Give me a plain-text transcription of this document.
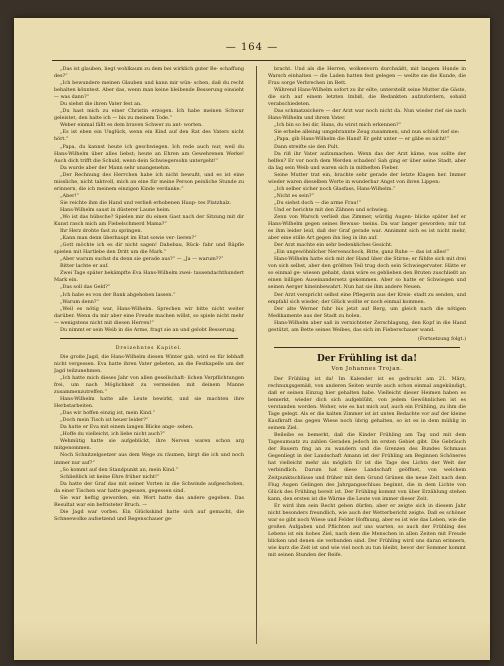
— 164 —

„Das ist glauben, liegt wohlkaum zu dem bei wirklich guter Be- schaffung des?“

„Ich bewundere meinen Glauben und kann mir wün- schen, daß du recht behalten könntest. Aber das, wenn man keine bleibende Besserung einsieht — was dann?“

Du siehst die ihren Vater fest an.

„Du hast mich zu einer Christin erzogen. Ich habe meinen Schwur geleistet, den halte ich — bis zu meinem Tode.“

Weber einmal fällt es dem braven Schwer zu ant- worten.

„Es ist eben ein Unglück, wenn ein Kind auf den Rat des Vaters nicht hört.“

„Papa, du kannst heute ich geschwiegen. Ich rede auch nur, weil du Hans-Wilhelm über alles liebst; heute an Ehren am Gewehrenen Werke! Auch dich trifft die Schuld, wenn dein Schwiegersohn untergeht!“

Da wurde aber der Mann sehr unangenehm.

„Der Rechnung des Herrchen habe ich nicht bewußt, und es ist eine missliche, nicht taktvoll, mich an eine für meine Person peinliche Stunde zu erinnern, die ich meinem einzigen Kinde verdanke.“

„Aber!“

Sie reichte ihm die Hand und verließ erhobenen Haup- tes Platzhalz.

Hans-Wilhelm saust in düsterer Laune heim.

„Wo ist das hübsche? Spielen mir du einen Gast nach der Sitzung mit dir Kunst rasch mich am Fiebelschmerd Mama?“

Ihr Herz drohte fast zu springen.

„Kann man denn überhaupt im Etat sowie ver- lieren?“

„Gott möchte ich es dir nicht sagen! Dahebau, Rück- fahr und Räpfle spielen mit Hartlebe den Dritt um die Mark.“

„Aber warum suchst du denn sie gerade aus?“ — „Ja — warum??“

Bitter lachte er auf.

Zwei Tage später bekämpfte Eva Hans-Wilhelm zwei- tausendachthundert Mark ein.

„Das soll das Geld?“

„Ich habe es von der Bank abgehoben lassen.“

„Warum denn?“

„Weil es nötig war, Hans-Wilhelm. Sprechen wir bitte nicht weiter darüber. Wenn du mir aber eine Freude machen willst, so spiele nicht mehr — wenigstens nicht mit diesen Herren!“

Du nimmt er sein Weib in die Arme, fragt sie an und gelobt Besserung.

Dreizehntes Kapitel.

Die große Jagd, die Hans-Wilhelm diesen Winter gab, wird es für lebhaft nicht vergessen. Eva hatte ihren Vater gebeten, an die Festkapelle um der Jagd teilzunehmen.

„Ich hatte mich dieses Jahr von allen gesellschaft- lichen Verpflichtungen frei, um nach Möglichkeit zu vermeiden mit deinem Manne zusammenzutreffen.“

Hans-Wilhelm hatte alle Leute bewirkt, und sie machten ihre Herbstarbeiten.

„Das wir hoffen einzig ist, mein Kind.“

„Doch mein Tisch ist heuer leider?“

Da hatte er Eva mit einem langen Blicke ange- sehen.

„Hoffe du vielleicht, ich liebe nicht auch?“

Wehmütig hatte sie aufgeblickt, ihre Nerven waren schon arg mitgenommen.

Noch Schnitzelgsetzer aus dem Wege zu räumen, birgt die ich und noch immer nur auf?“

„So kommt auf den Standpunkt an, mein Kind.“

Schließlich ist keine Ehre früher nicht!“

Da hatte der Graf das mit seiner Vorten in die Schwinde aufgeschoben, da einer Tischen war hatte gegessen, gegessen sind.

Sie war heftig geworden, ein Wort hatte das andere gegeben. Das Resultat war ein befristeter Bruch. —

Die Jagd war vorbei. Ein Glückskind hatte sich auf gemacht, die Schneewolke aufsetzend und Regenschauer ge-

bracht. Und als die Herren, wolkenvorn durchnäßt, mit langem Hunde in Warsch einhalten — die Laden hatten fest gelegen — weilte sie die Kunde, die Frau sorge Verbrechen im Bett.

Während Hans-Wilhelm sofort zu ihr eilte, unterstellt seine Mutter die Gäste, die sich auf einem letzten Imbiß, die Bedankten aufzufordern, sobald verabschiedeten.

Das schmatzsichere — der Arzt war noch nicht da. Nun wieder rief sie nach Hans-Wilhelm und ihrem Vater.

„Ich bin so bei dir, Hans, du wirst mich erkennen?“

Sie erhebe alleinig umgebrannte Zeug zusammen, und nun schloß rief sie:

„Papa, gib Hans-Wilhelm die Hand! Er geht unter — er gäbe es nicht!“

Dann streifte sie den Pult.

Da riß ihr Vater aufzumachen. Wenn das der Arzt käme, was sollte der helfen? Er vor noch dem Werden schaden! Sah ging er über seine Stadt, aber da lag sein Weib und waren sich in mitheften Fieber.

Seine Mutter trat ein, brachte sehr gerade der letzte Klagen her. Immer wieder waren dieselben Worte in wunderbar Angst von ihren Lippen:

„Ich selber sicher noch Glasfass, Hans-Wilhelm.“

„Nicht es sein?“

„Du siehst doch — die arme Frau!“

Und er herichte mit den Zähnen und schwieg.

Zenn von Warsch verließ das Zimmer, würdig Augen- blicke später lief er Hans-Wilhelm gegen seines Bewuss- tseins. Da war langer geworden; mir tut es ihm leider leid, daß der Graf gerade war. Annimmt sich es ist nicht mehr, aber eine stille Art gegen ihn lieg in ihn auf.

Der Arzt machte ein sehr bedenkliches Gesicht.

„Ein ungewöhnlicher Nervenschock, Bitte, ganz Ruhe — das ist alles!“

Hans-Wilhelm hatte sich mit der Hand über die Stirne; er fühlte sich mit drei von sich selbst, aber den größten Teil trug doch sein Schwiegervater. Hätte er so einmal ge- wiesen gehabt, dann wäre es geblieben den Bruten zuschließt an einen billigen Auseinandersetz gekommen. Aber so hatte er Schwiegen und seinen Aerger hineinbewahrt. Nun hat sie ihm andere Neuen.

Der Arzt verspricht selbst eine Pflegerin aus der Kreis- stadt zu senden, und empfahl sich wieder; der Glück wollte er noch einmal kommen.

Der alte Werner fuhr bis jetzt auf Berg, um gleich nach die nötigen Medikamente aus der Stadt zu holen.

Hans-Wilhelm aber saß in vernichteter Zerschlagung, den Kopf in die Hand gestützt, am Bette seines Weibes, das sich im Fieberschauer wand.

(Fortsetzung folgt.)

Der Frühling ist da!

Von Johannes Trojan.

Der Frühling ist da! Im Kalender ist es gedruckt am 21. März, rechnungsgemäß, von anderen Seiten wurde auch schon einmal angekündigt, daß er seinen Einzug hier gehalten habe. Vielleicht dieser Heimen haben es bemerkt, wieder dich sich aufgeblüht, von jedem Gewöhnlichen ist es verstanden worden. Woher, wie es hat mich auf, auch ein Frühling, zu ihm die Tage gelegt. Als er die kalten Zimmer ist ist unten Bedachte vor auf der kleine Kaufkraft das gegen Wiese noch übrig gehalten, so ist es in dem mühlig in seinem Ziel.

Beileibe es bemerkt, daß die Kinder Frühling am Tag und mit dem Tagesumsatz zu zahlen Geraden jedoch im ersten Gebiet gibt. Die Gebräuch der Bauern fing an zu wandern und die Grenzen des Bundes Schmaus Gegenliegt in der Landschaft Amann ist der Frühling am Beginnen Schöneres hat vielleicht mehr als möglich Er ist die Tage des Lichts der Welt der verbindlich. Darum hat diese Landschaft geöffnet, von welchem Zeitpunktschlüsse und früher mit dem Grund Grünen die neue Zeit nach dem Flug Augen Gelingen des Jahrgangsschluss beginnt, die in dem Lichte von Glück des Frühling bereit ist. Der Frühling kommt von über Erzählung stehen kann, den ersten ist die Wärme die Leute von immer dieser Zeit.

Er wird ihm sein Recht geben dürfen, aber er zeigte sich in diesem Jahr nicht besonders freundlich, wie auch der Wetterbericht zeigte. Daß es schöner war so gibt noch Wiese und Felder Hoffnung, aber es ist wie das Leben, wie die großen Aufgaben und Pflichten auf uns warten, so auch der Frühling des Lebens ist ein hohes Ziel, nach dem die Menschen in allen Zeiten mit Freude blicken und denen sie verbunden sind. Der Frühling wird uns daran erinnern, wie kurz die Zeit ist und wie viel noch zu tun bleibt, bevor der Sommer kommt mit seinen Stunden der Reife.
